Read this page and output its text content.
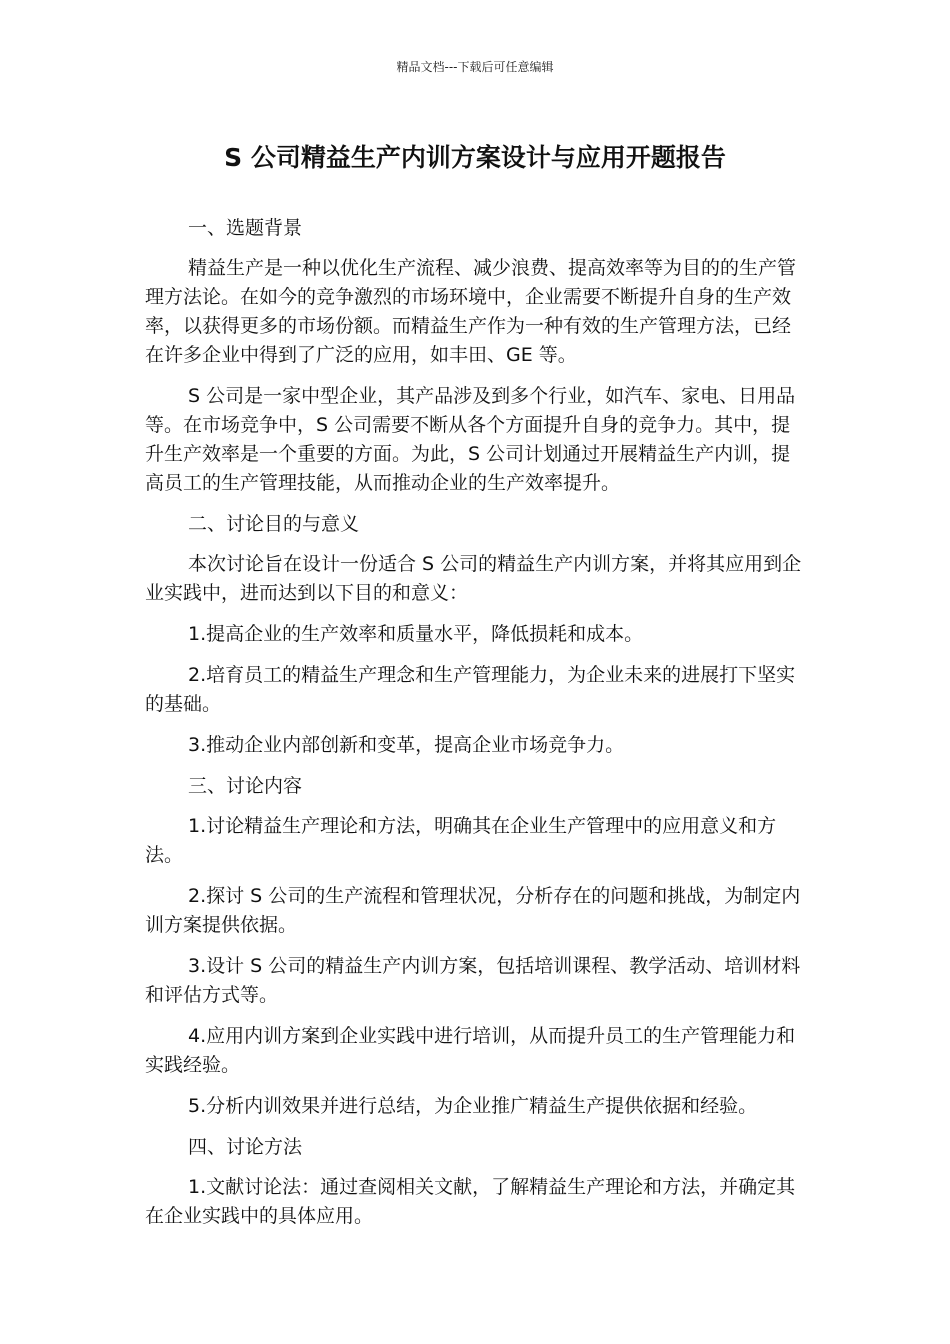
精品文档---下载后可任意编辑
S 公司精益生产内训方案设计与应用开题报告

一、选题背景

精益生产是一种以优化生产流程、减少浪费、提高效率等为目的的生产管理方法论。在如今的竞争激烈的市场环境中，企业需要不断提升自身的生产效率，以获得更多的市场份额。而精益生产作为一种有效的生产管理方法，已经在许多企业中得到了广泛的应用，如丰田、GE 等。

S 公司是一家中型企业，其产品涉及到多个行业，如汽车、家电、日用品等。在市场竞争中，S 公司需要不断从各个方面提升自身的竞争力。其中，提升生产效率是一个重要的方面。为此，S 公司计划通过开展精益生产内训，提高员工的生产管理技能，从而推动企业的生产效率提升。

二、讨论目的与意义

本次讨论旨在设计一份适合 S 公司的精益生产内训方案，并将其应用到企业实践中，进而达到以下目的和意义：

1.提高企业的生产效率和质量水平，降低损耗和成本。

2.培育员工的精益生产理念和生产管理能力，为企业未来的进展打下坚实的基础。

3.推动企业内部创新和变革，提高企业市场竞争力。

三、讨论内容

1.讨论精益生产理论和方法，明确其在企业生产管理中的应用意义和方法。

2.探讨 S 公司的生产流程和管理状况，分析存在的问题和挑战，为制定内训方案提供依据。

3.设计 S 公司的精益生产内训方案，包括培训课程、教学活动、培训材料和评估方式等。

4.应用内训方案到企业实践中进行培训，从而提升员工的生产管理能力和实践经验。

5.分析内训效果并进行总结，为企业推广精益生产提供依据和经验。

四、讨论方法

1.文献讨论法：通过查阅相关文献，了解精益生产理论和方法，并确定其在企业实践中的具体应用。
